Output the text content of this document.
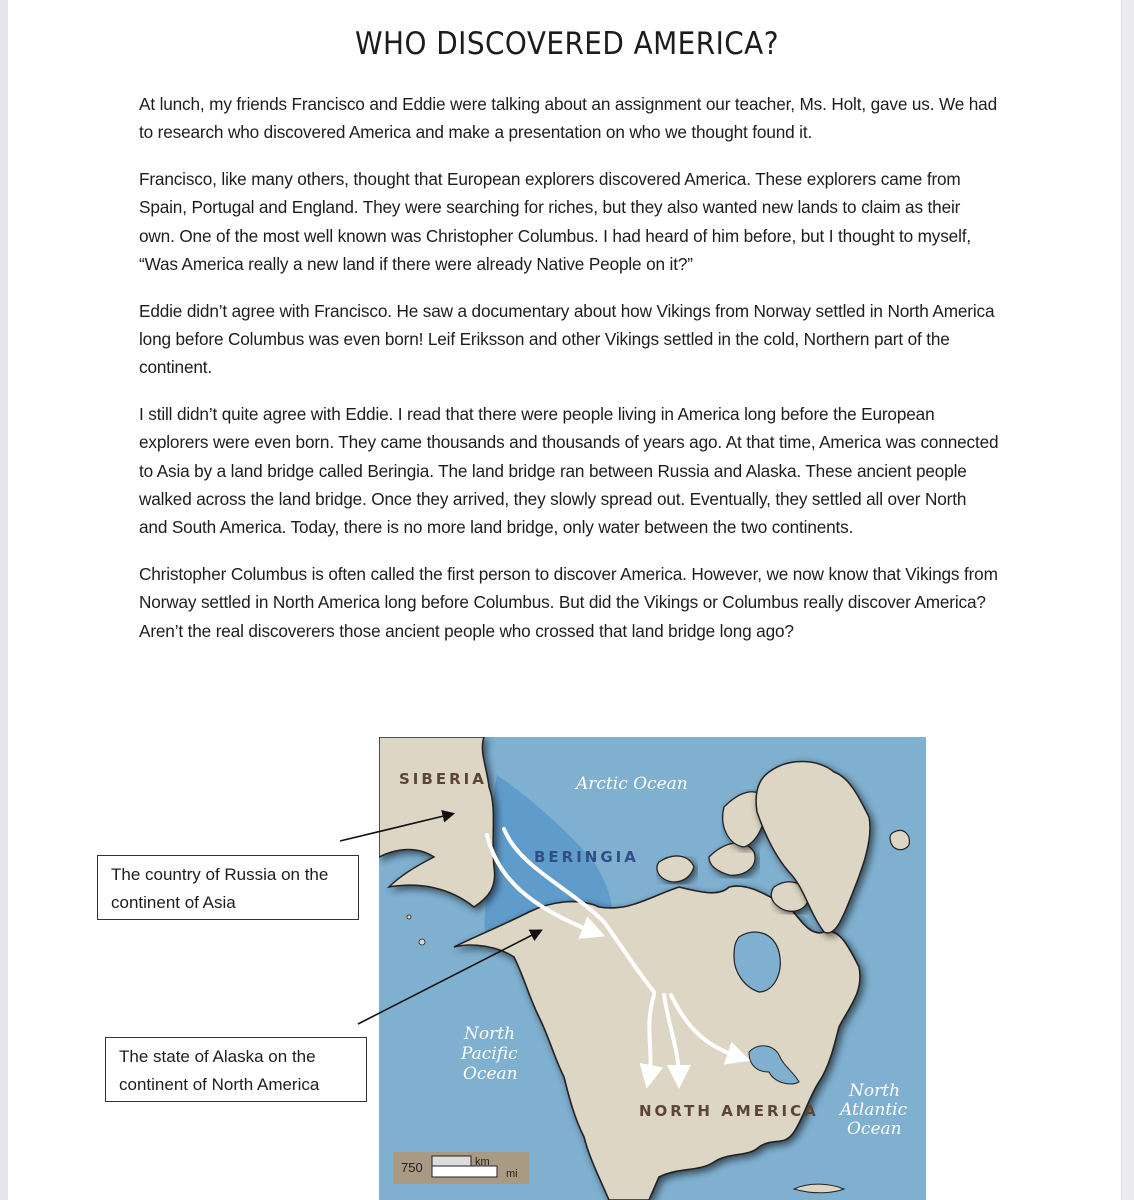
WHO DISCOVERED AMERICA?

At lunch, my friends Francisco and Eddie were talking about an assignment our teacher, Ms. Holt, gave us. We had to research who discovered America and make a presentation on who we thought found it.

Francisco, like many others, thought that European explorers discovered America. These explorers came from Spain, Portugal and England. They were searching for riches, but they also wanted new lands to claim as their own. One of the most well known was Christopher Columbus. I had heard of him before, but I thought to myself, “Was America really a new land if there were already Native People on it?”

Eddie didn’t agree with Francisco. He saw a documentary about how Vikings from Norway settled in North America long before Columbus was even born! Leif Eriksson and other Vikings settled in the cold, Northern part of the continent.

I still didn’t quite agree with Eddie. I read that there were people living in America long before the European explorers were even born. They came thousands and thousands of years ago. At that time, America was connected to Asia by a land bridge called Beringia. The land bridge ran between Russia and Alaska. These ancient people walked across the land bridge. Once they arrived, they slowly spread out. Eventually, they settled all over North and South America. Today, there is no more land bridge, only water between the two continents.

Christopher Columbus is often called the first person to discover America. However, we now know that Vikings from Norway settled in North America long before Columbus. But did the Vikings or Columbus really discover America? Aren’t the real discoverers those ancient people who crossed that land bridge long ago?

SIBERIA	Arctic Ocean
BERINGIA
North Pacific Ocean
NORTH AMERICA
North Atlantic Ocean
750	km
mi
The country of Russia on the continent of Asia
The state of Alaska on the continent of North America
